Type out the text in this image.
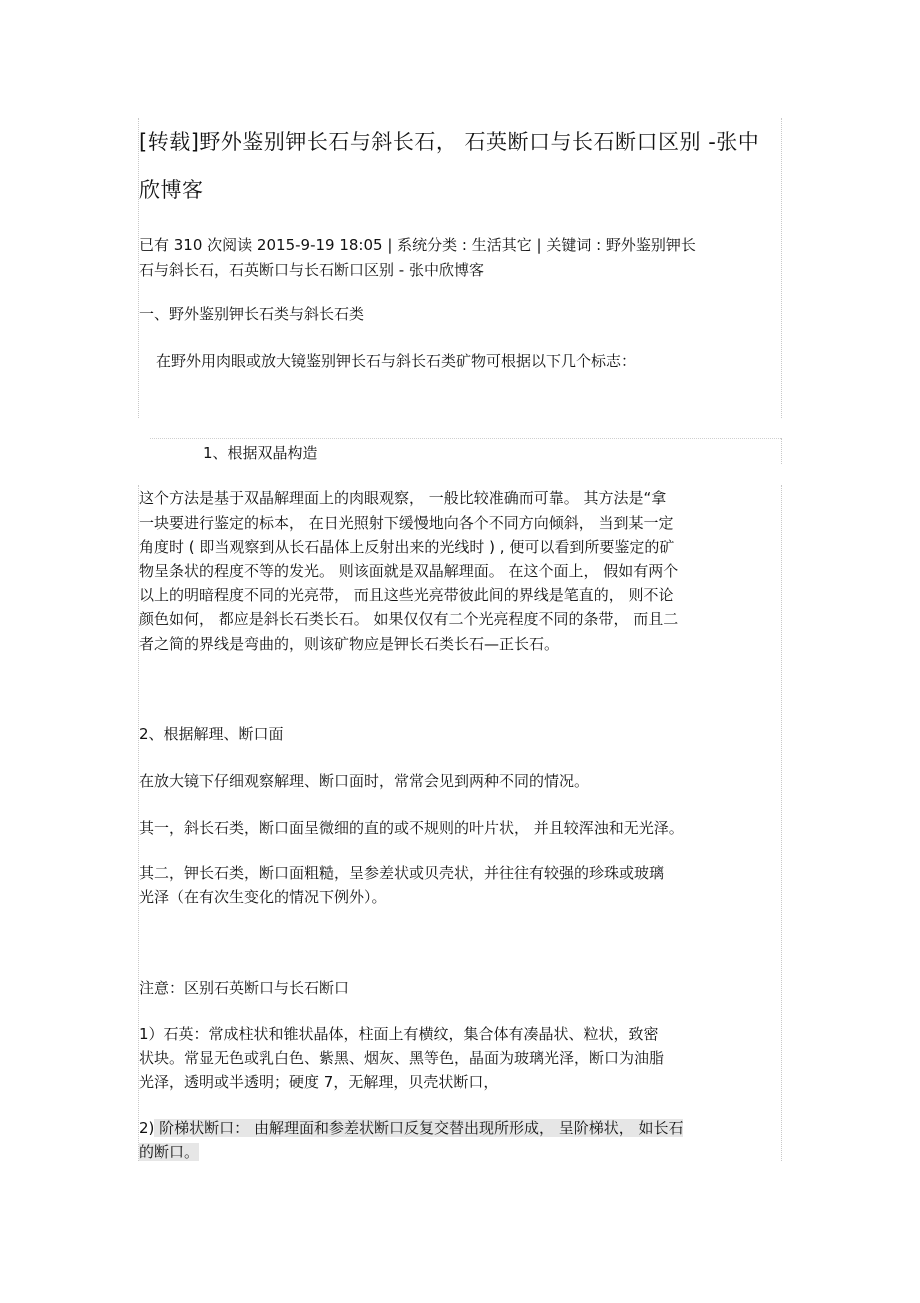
[转载]野外鉴别钾长石与斜长石， 石英断口与长石断口区别 -张中
欣博客
已有 310 次阅读 2015-9-19 18:05 | 系统分类 : 生活其它 | 关键词 : 野外鉴别钾长
石与斜长石，石英断口与长石断口区别 - 张中欣博客
一、野外鉴别钾长石类与斜长石类
在野外用肉眼或放大镜鉴别钾长石与斜长石类矿物可根据以下几个标志：
1、根据双晶构造
这个方法是基于双晶解理面上的肉眼观察， 一般比较准确而可靠。 其方法是“拿
一块要进行鉴定的标本， 在日光照射下缓慢地向各个不同方向倾斜， 当到某一定
角度时 ( 即当观察到从长石晶体上反射出来的光线时 ) , 便可以看到所要鉴定的矿
物呈条状的程度不等的发光。 则该面就是双晶解理面。 在这个面上， 假如有两个
以上的明暗程度不同的光亮带， 而且这些光亮带彼此间的界线是笔直的， 则不论
颜色如何， 都应是斜长石类长石。 如果仅仅有二个光亮程度不同的条带， 而且二
者之简的界线是弯曲的，则该矿物应是钾长石类长石—正长石。
2、根据解理、断口面
在放大镜下仔细观察解理、断口面时，常常会见到两种不同的情况。
其一，斜长石类，断口面呈微细的直的或不规则的叶片状， 并且较浑浊和无光泽。
其二，钾长石类，断口面粗糙，呈参差状或贝壳状，并往往有较强的珍珠或玻璃
光泽（在有次生变化的情况下例外）。
注意：区别石英断口与长石断口
1）石英：常成柱状和锥状晶体，柱面上有横纹，集合体有凑晶状、粒状，致密
状块。常显无色或乳白色、紫黑、烟灰、黑等色，晶面为玻璃光泽，断口为油脂
光泽，透明或半透明；硬度 7，无解理，贝壳状断口，
2) 阶梯状断口： 由解理面和参差状断口反复交替出现所形成， 呈阶梯状， 如长石
的断口。
